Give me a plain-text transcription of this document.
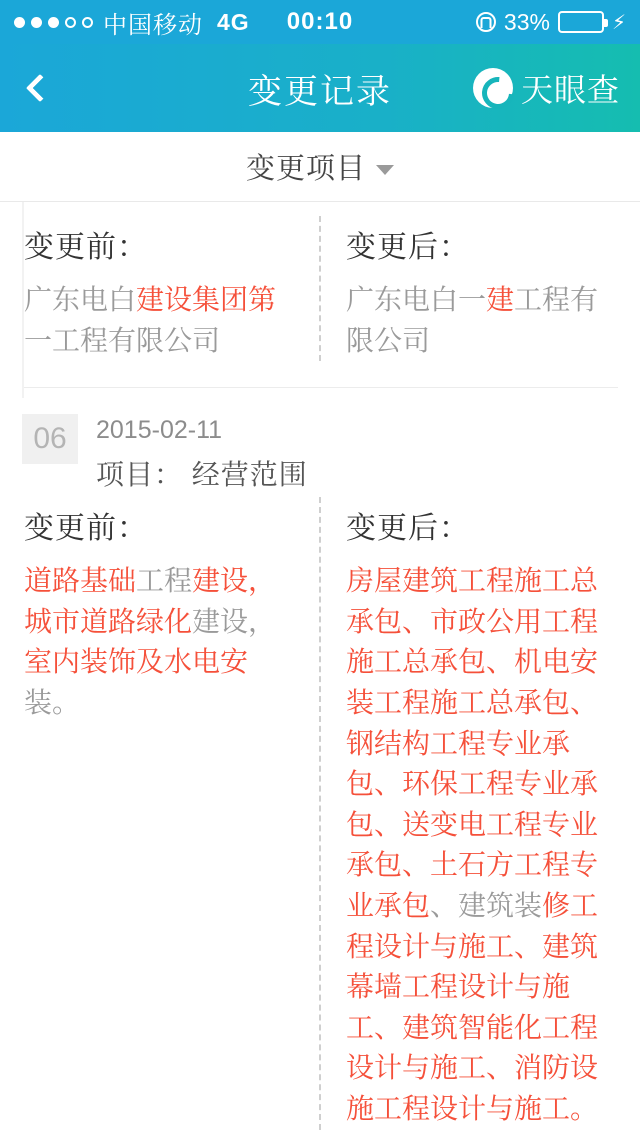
中国移动 4G	00:10	33%	⚡
变更记录	天眼查
变更项目
变更前：
广东电白建设集团第一工程有限公司
变更后：
广东电白一建工程有限公司
06	2015-02-11
项目： 经营范围
变更前：
道路基础工程建设，城市道路绿化建设，室内装饰及水电安装。
变更后：
房屋建筑工程施工总承包、市政公用工程施工总承包、机电安装工程施工总承包、钢结构工程专业承包、环保工程专业承包、送变电工程专业承包、土石方工程专业承包、建筑装修工程设计与施工、建筑幕墙工程设计与施工、建筑智能化工程设计与施工、消防设施工程设计与施工。
